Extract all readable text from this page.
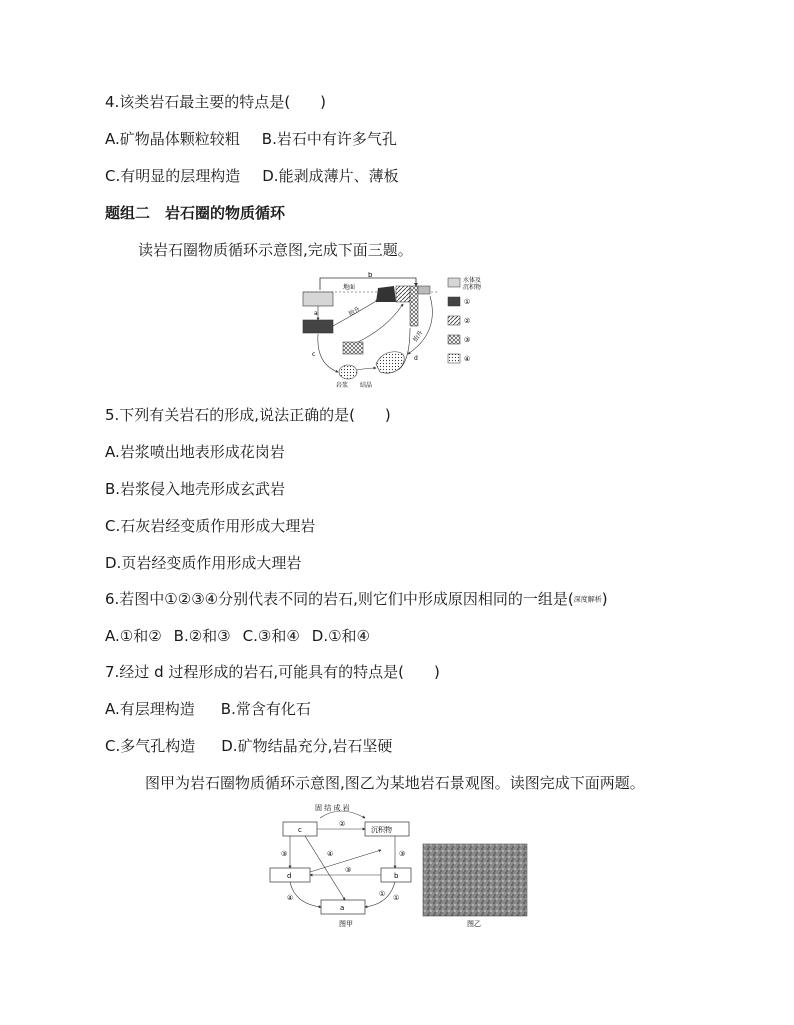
4.该类岩石最主要的特点是(　　)
A.矿物晶体颗粒较粗 B.岩石中有许多气孔
C.有明显的层理构造 D.能剥成薄片、薄板
题组二　岩石圈的物质循环
读岩石圈物质循环示意图,完成下面三题。
b
地面
a	抬升
抬升
岩浆 结晶
c
d
水体及
沉积物
①
②
③
④
5.下列有关岩石的形成,说法正确的是(　　)
A.岩浆喷出地表形成花岗岩
B.岩浆侵入地壳形成玄武岩
C.石灰岩经变质作用形成大理岩
D.页岩经变质作用形成大理岩
6.若图中①②③④分别代表不同的岩石,则它们中形成原因相同的一组是(深度解析)
A.①和② B.②和③ C.③和④ D.①和④
7.经过 d 过程形成的岩石,可能具有的特点是(　　)
A.有层理构造 B.常含有化石
C.多气孔构造 D.矿物结晶充分,岩石坚硬
图甲为岩石圈物质循环示意图,图乙为某地岩石景观图。读图完成下面两题。
固 结 成 岩
c	沉积物
d	b
a
②
③	④
③
③
④	①
①
图甲	图乙
